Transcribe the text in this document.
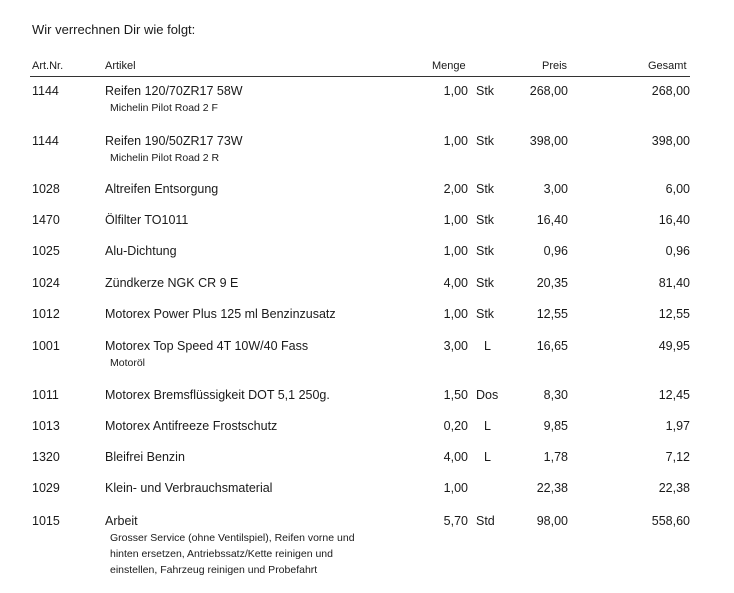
Wir verrechnen Dir wie folgt:
Art.Nr.	Artikel	Menge	Preis	Gesamt
1144	Reifen 120/70ZR17 58W	1,00 Stk	268,00	268,00
Michelin Pilot Road 2 F
1144	Reifen 190/50ZR17 73W	1,00 Stk	398,00	398,00
Michelin Pilot Road 2 R
1028	Altreifen Entsorgung	2,00 Stk	3,00	6,00
1470	Ölfilter TO1011	1,00 Stk	16,40	16,40
1025	Alu-Dichtung	1,00 Stk	0,96	0,96
1024	Zündkerze NGK CR 9 E	4,00 Stk	20,35	81,40
1012	Motorex Power Plus 125 ml Benzinzusatz	1,00 Stk	12,55	12,55
1001	Motorex Top Speed 4T 10W/40 Fass	3,00 L	16,65	49,95
Motoröl
1011	Motorex Bremsflüssigkeit DOT 5,1 250g.	1,50 Dos	8,30	12,45
1013	Motorex Antifreeze Frostschutz	0,20 L	9,85	1,97
1320	Bleifrei Benzin	4,00 L	1,78	7,12
1029	Klein- und Verbrauchsmaterial	1,00	22,38	22,38
1015	Arbeit	5,70 Std	98,00	558,60
Grosser Service (ohne Ventilspiel), Reifen vorne und
hinten ersetzen, Antriebssatz/Kette reinigen und
einstellen, Fahrzeug reinigen und Probefahrt
